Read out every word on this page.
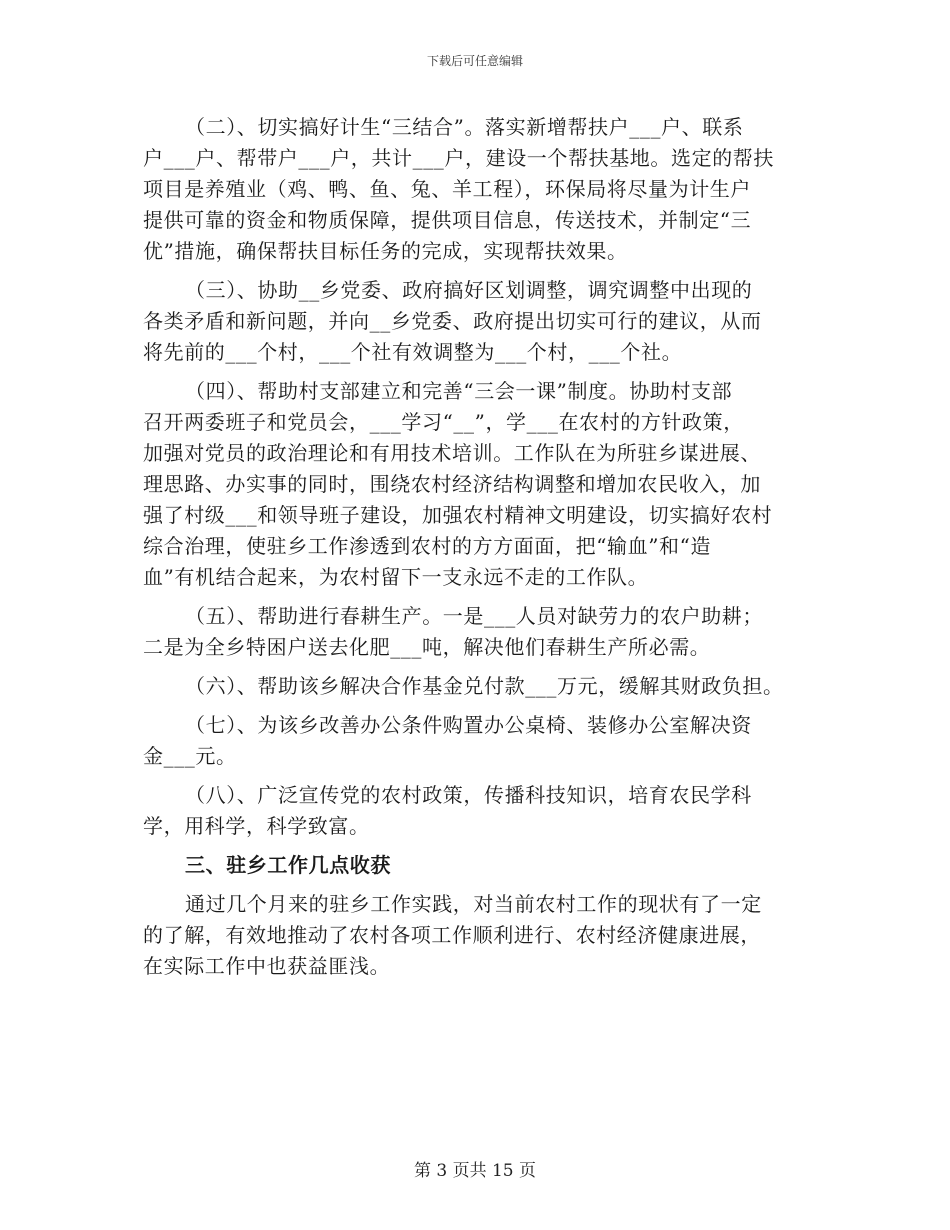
下载后可任意编辑
（二）、切实搞好计生“三结合”。落实新增帮扶户___户、联系
户___户、帮带户___户，共计___户，建设一个帮扶基地。选定的帮扶
项目是养殖业（鸡、鸭、鱼、兔、羊工程），环保局将尽量为计生户
提供可靠的资金和物质保障，提供项目信息，传送技术，并制定“三
优”措施，确保帮扶目标任务的完成，实现帮扶效果。
（三）、协助__乡党委、政府搞好区划调整，调究调整中出现的
各类矛盾和新问题，并向__乡党委、政府提出切实可行的建议，从而
将先前的___个村，___个社有效调整为___个村，___个社。
（四）、帮助村支部建立和完善“三会一课”制度。协助村支部
召开两委班子和党员会，___学习“__”，学___在农村的方针政策，
加强对党员的政治理论和有用技术培训。工作队在为所驻乡谋进展、
理思路、办实事的同时，围绕农村经济结构调整和增加农民收入，加
强了村级___和领导班子建设，加强农村精神文明建设，切实搞好农村
综合治理，使驻乡工作渗透到农村的方方面面，把“输血”和“造
血”有机结合起来，为农村留下一支永远不走的工作队。
（五）、帮助进行春耕生产。一是___人员对缺劳力的农户助耕；
二是为全乡特困户送去化肥___吨，解决他们春耕生产所必需。
（六）、帮助该乡解决合作基金兑付款___万元，缓解其财政负担。
（七）、为该乡改善办公条件购置办公桌椅、装修办公室解决资
金___元。
（八）、广泛宣传党的农村政策，传播科技知识，培育农民学科
学，用科学，科学致富。
三、驻乡工作几点收获
通过几个月来的驻乡工作实践，对当前农村工作的现状有了一定
的了解，有效地推动了农村各项工作顺利进行、农村经济健康进展，
在实际工作中也获益匪浅。
第 3 页共 15 页
